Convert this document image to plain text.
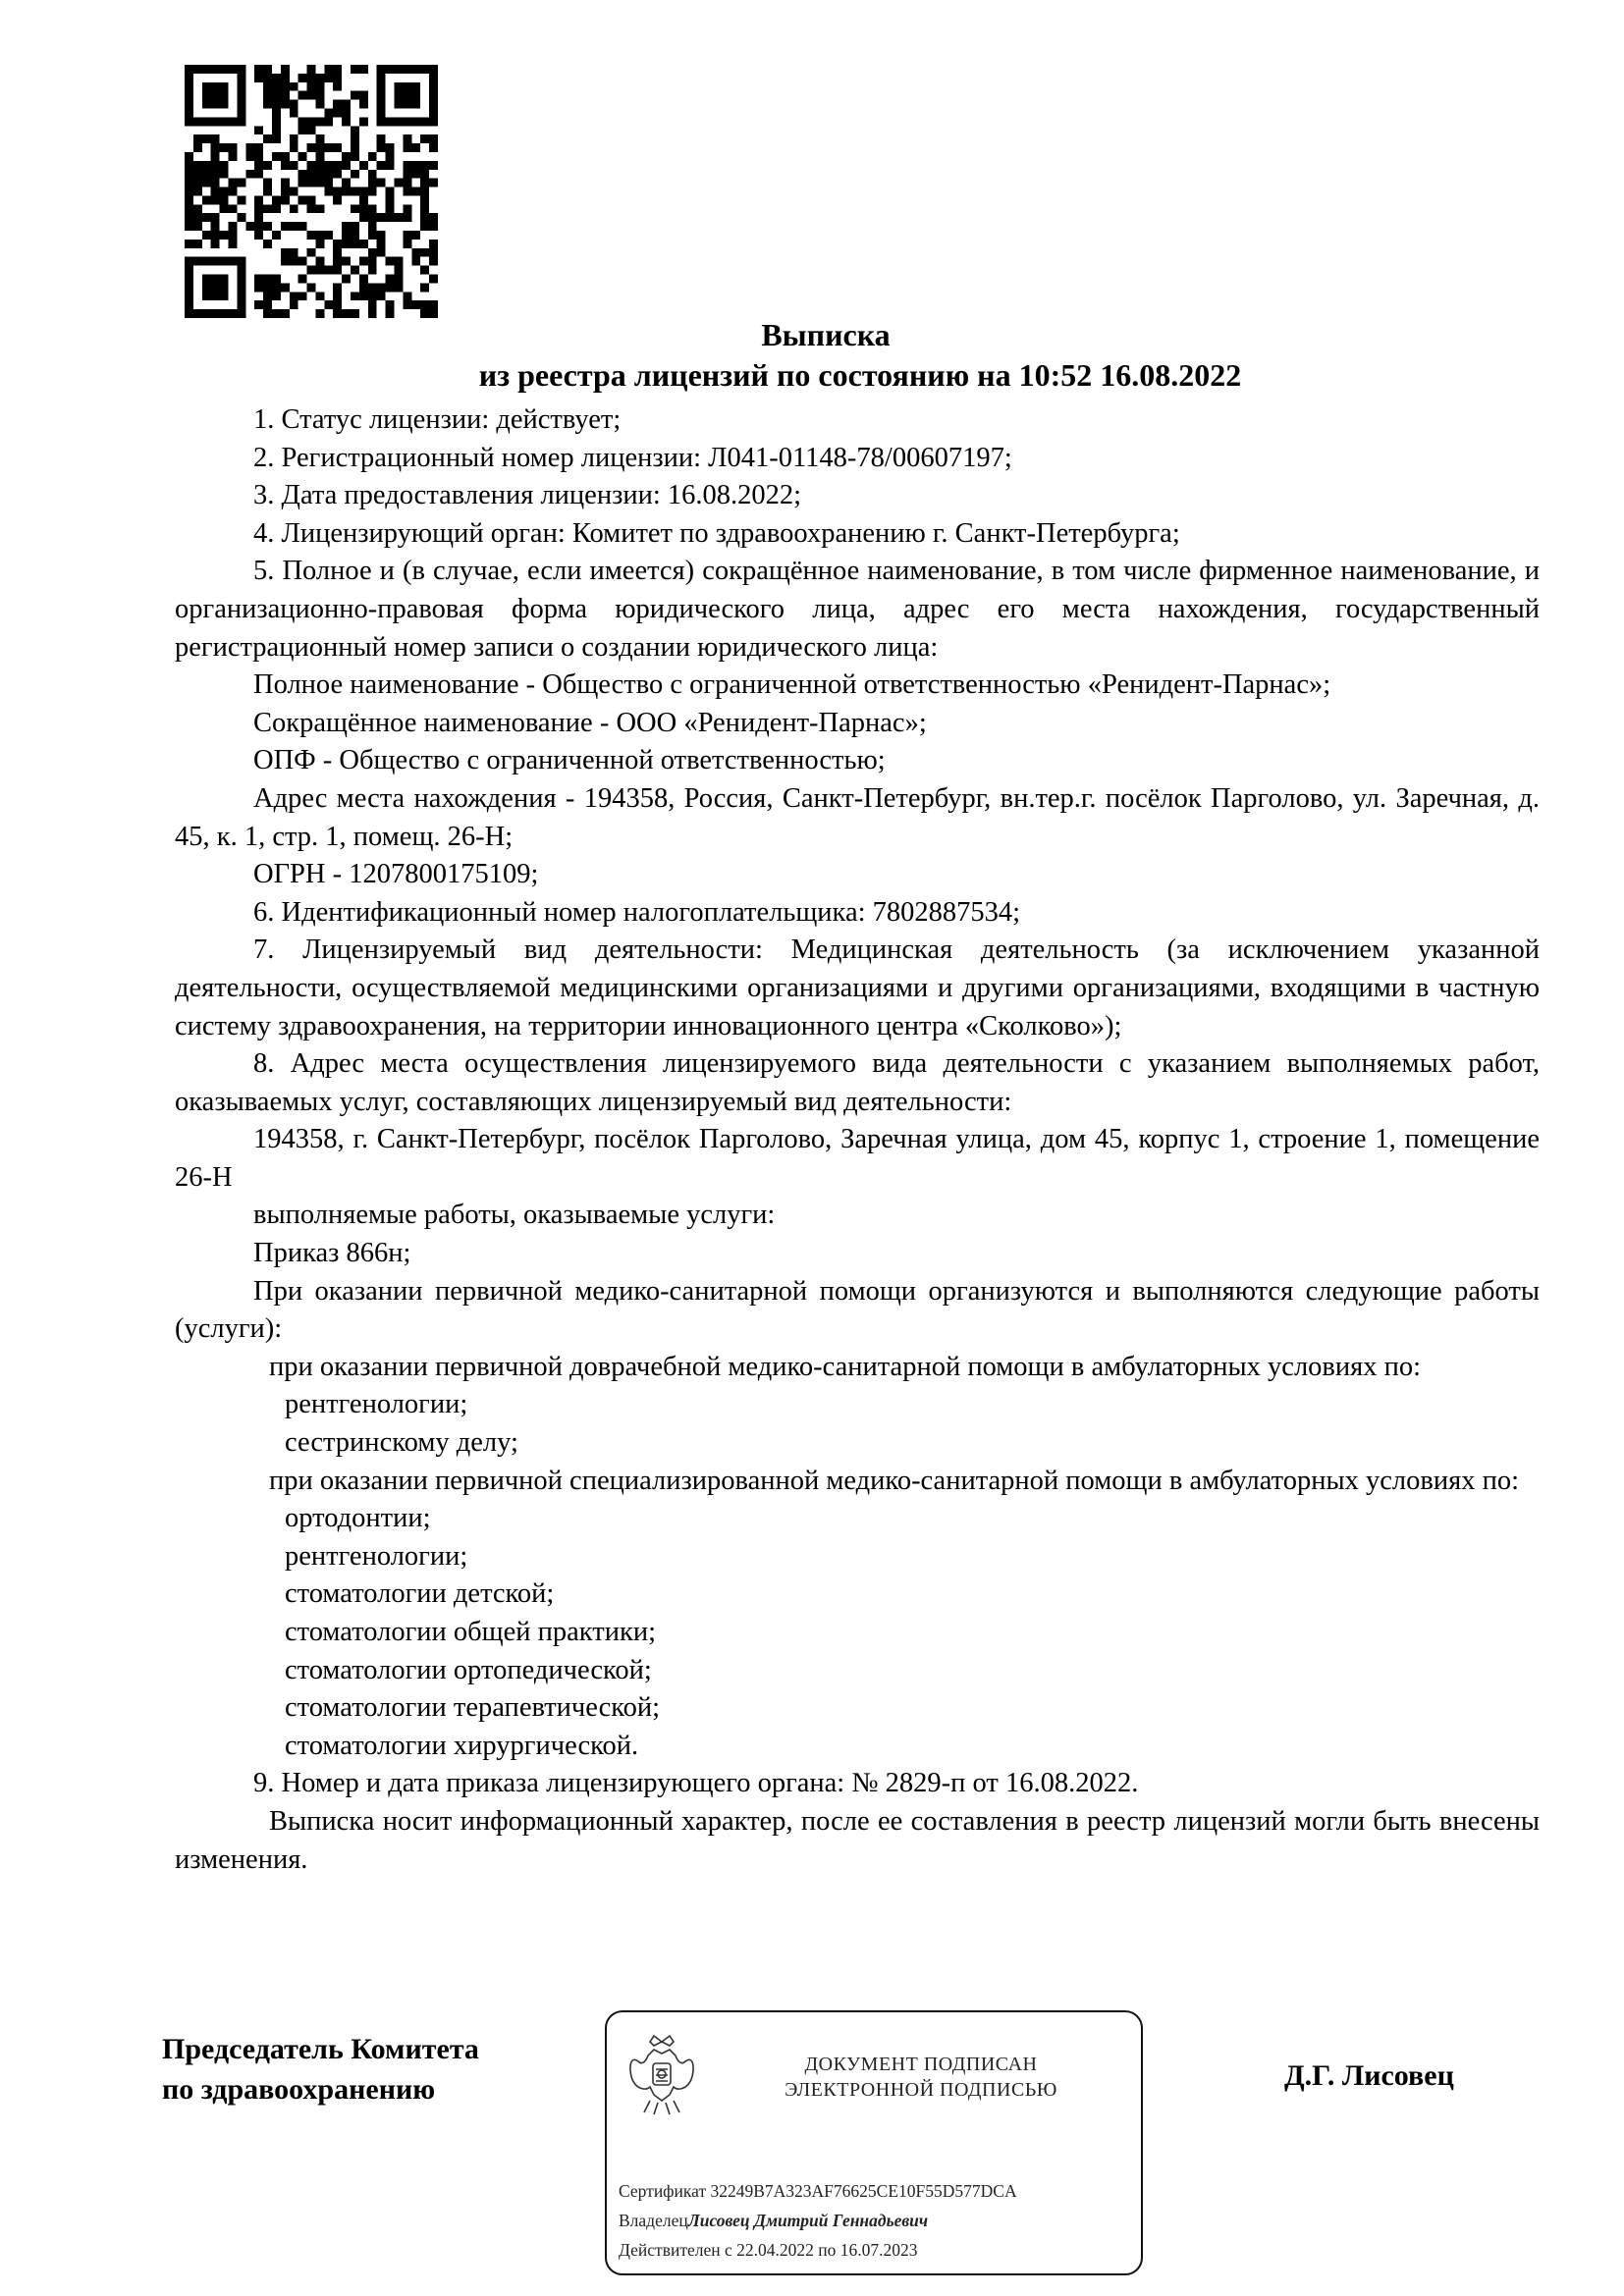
Выписка
из реестра лицензий по состоянию на 10:52 16.08.2022

1. Статус лицензии: действует;

2. Регистрационный номер лицензии: Л041-01148-78/00607197;

3. Дата предоставления лицензии: 16.08.2022;

4. Лицензирующий орган: Комитет по здравоохранению г. Санкт-Петербурга;

5. Полное и (в случае, если имеется) сокращённое наименование, в том числе фирменное наименование, и организационно-правовая форма юридического лица, адрес его места нахождения, государственный регистрационный номер записи о создании юридического лица:

Полное наименование - Общество с ограниченной ответственностью «Ренидент-Парнас»;

Сокращённое наименование - ООО «Ренидент-Парнас»;

ОПФ - Общество с ограниченной ответственностью;

Адрес места нахождения - 194358, Россия, Санкт-Петербург, вн.тер.г. посёлок Парголово, ул. Заречная, д. 45, к. 1, стр. 1, помещ. 26-Н;

ОГРН - 1207800175109;

6. Идентификационный номер налогоплательщика: 7802887534;

7. Лицензируемый вид деятельности: Медицинская деятельность (за исключением указанной деятельности, осуществляемой медицинскими организациями и другими организациями, входящими в частную систему здравоохранения, на территории инновационного центра «Сколково»);

8. Адрес места осуществления лицензируемого вида деятельности с указанием выполняемых работ, оказываемых услуг, составляющих лицензируемый вид деятельности:

194358, г. Санкт-Петербург, посёлок Парголово, Заречная улица, дом 45, корпус 1, строение 1, помещение 26-Н

выполняемые работы, оказываемые услуги:

Приказ 866н;

При оказании первичной медико-санитарной помощи организуются и выполняются следующие работы (услуги):

при оказании первичной доврачебной медико-санитарной помощи в амбулаторных условиях по:

рентгенологии;

сестринскому делу;

при оказании первичной специализированной медико-санитарной помощи в амбулаторных условиях по:

ортодонтии;

рентгенологии;

стоматологии детской;

стоматологии общей практики;

стоматологии ортопедической;

стоматологии терапевтической;

стоматологии хирургической.

9. Номер и дата приказа лицензирующего органа: № 2829-п от 16.08.2022.

Выписка носит информационный характер, после ее составления в реестр лицензий могли быть внесены изменения.

Председатель Комитета
по здравоохранению
ДОКУМЕНТ ПОДПИСАН
ЭЛЕКТРОННОЙ ПОДПИСЬЮ
Сертификат 32249B7A323AF76625CE10F55D577DCA
ВладелецЛисовец Дмитрий Геннадьевич
Действителен с 22.04.2022 по 16.07.2023
Д.Г. Лисовец
